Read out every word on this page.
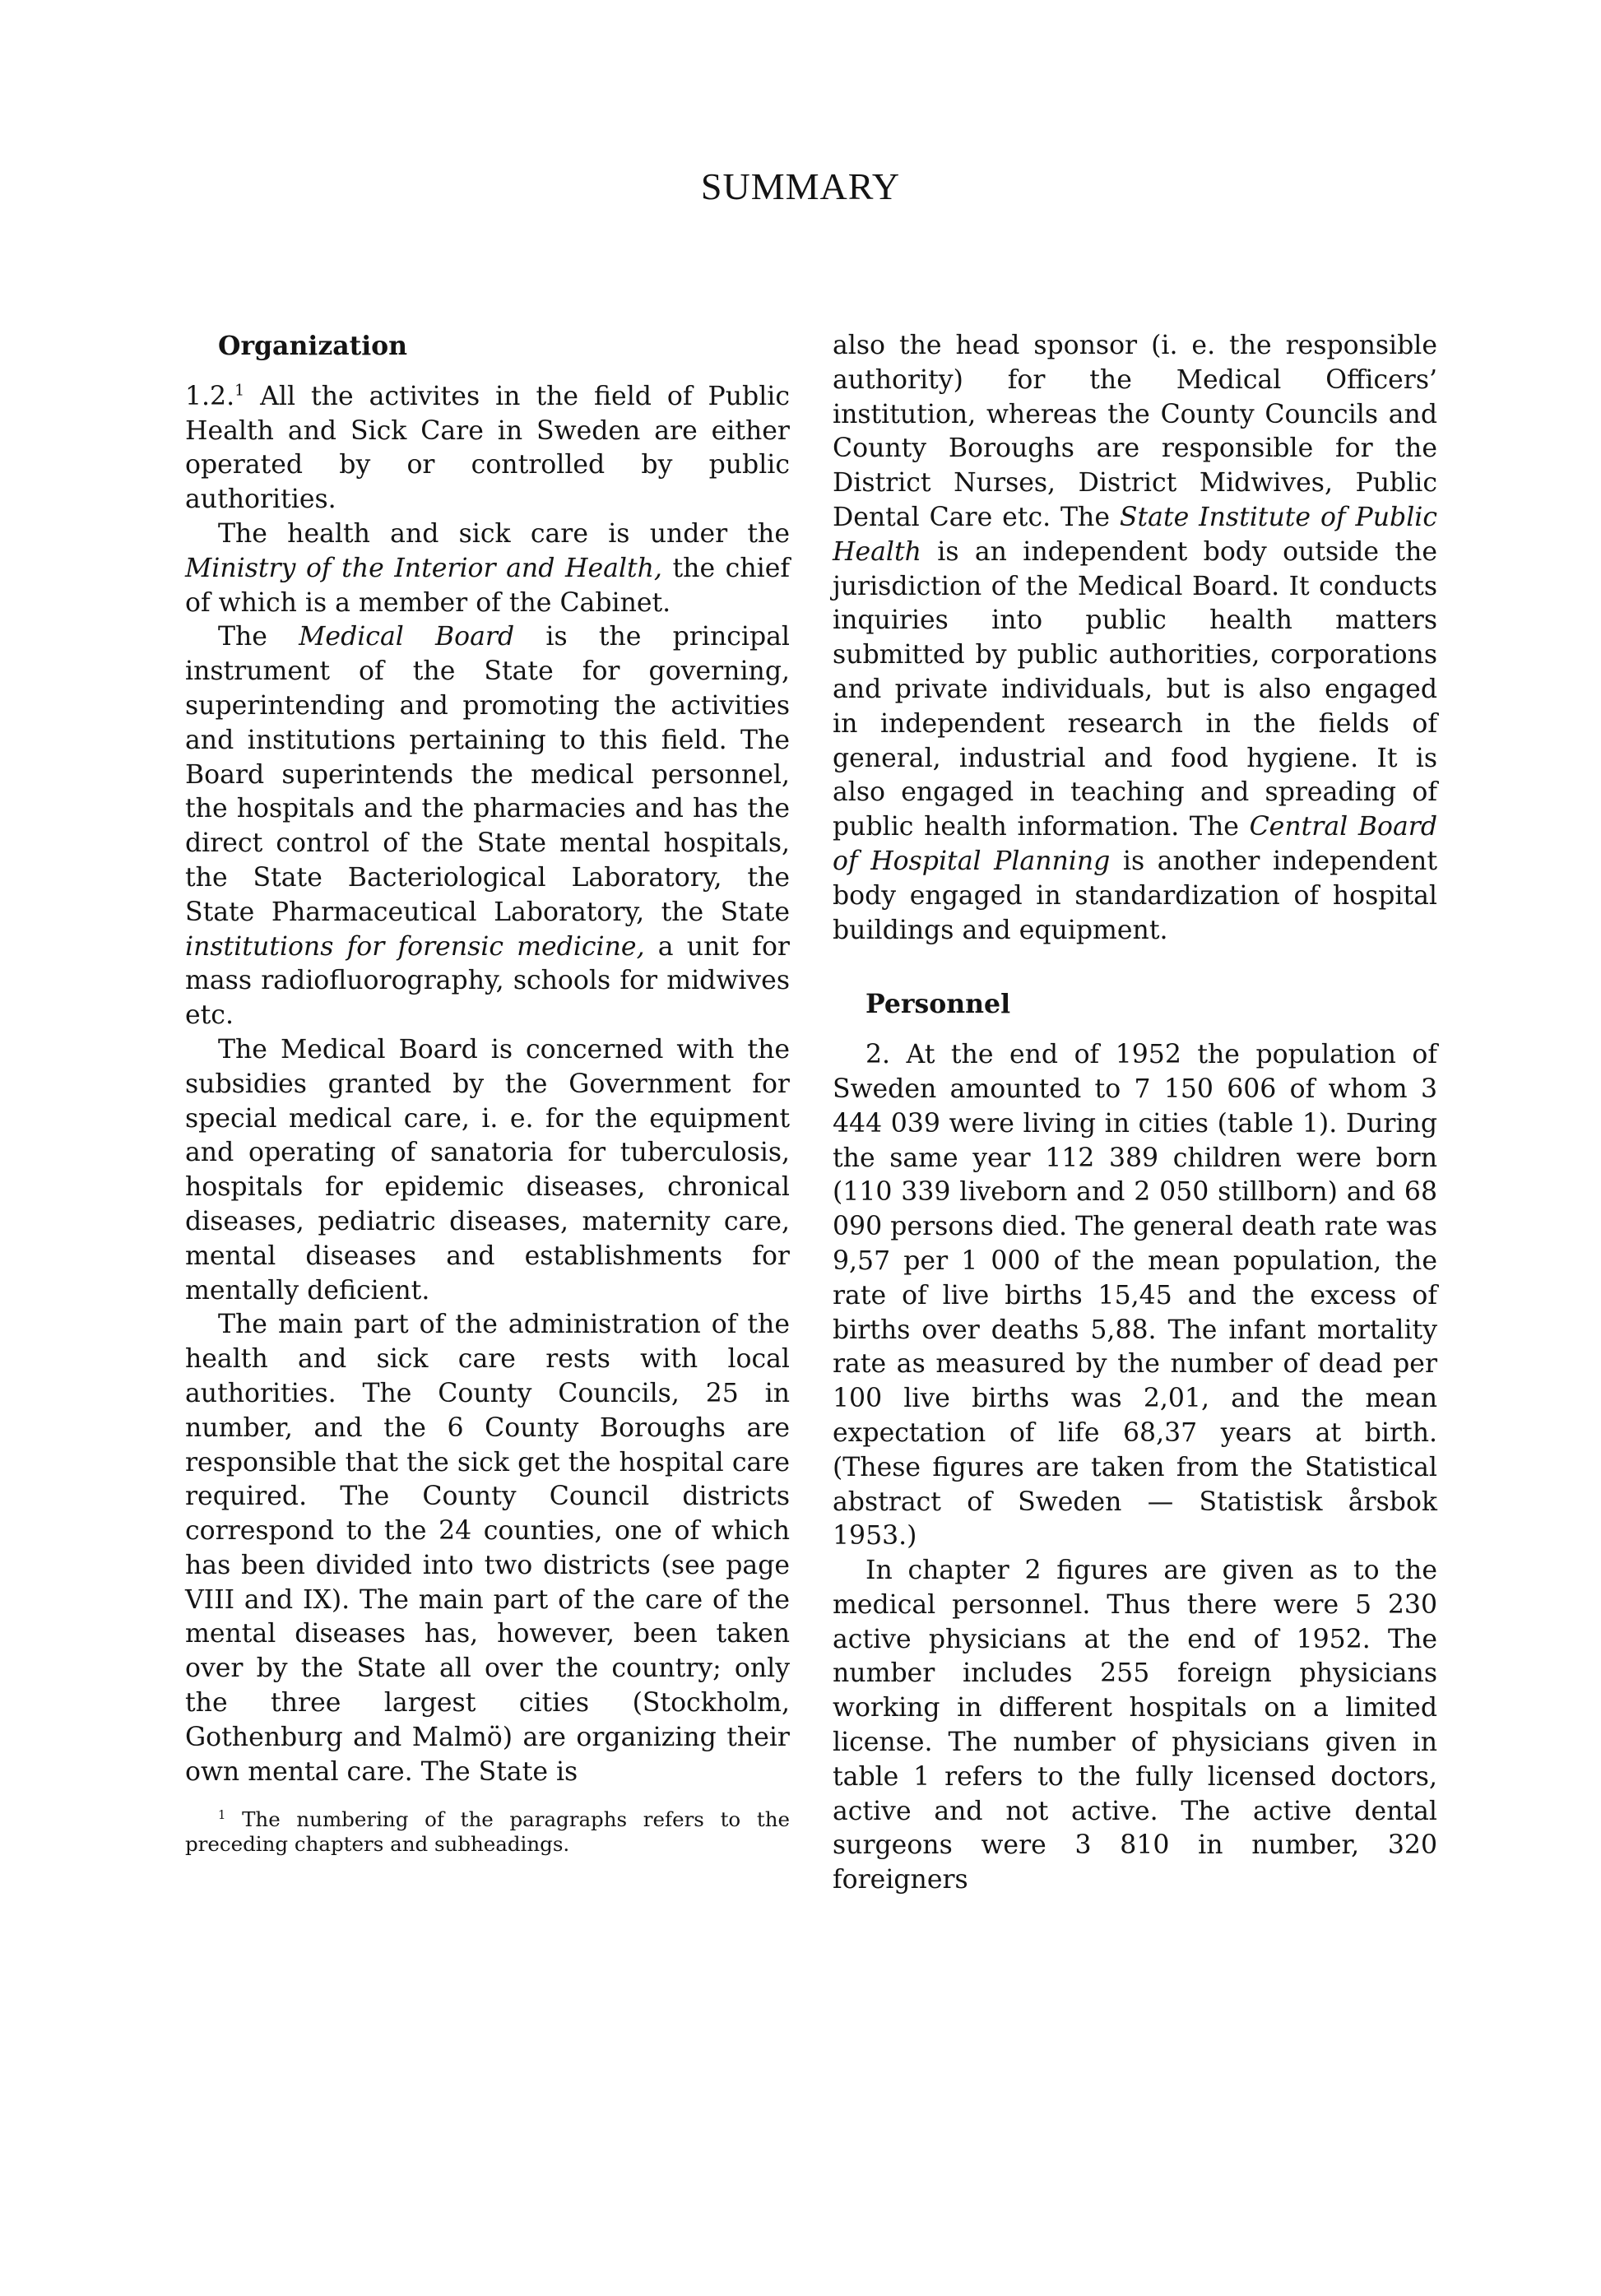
SUMMARY

Organization

1.2.$^1$ All the activites in the field of Public Health and Sick Care in Sweden are either operated by or controlled by public authorities.

The health and sick care is under the Ministry of the Interior and Health, the chief of which is a member of the Cabinet.

The Medical Board is the principal instrument of the State for governing, superintending and promoting the activities and institutions pertaining to this field. The Board superintends the medical personnel, the hospitals and the pharmacies and has the direct control of the State mental hospitals, the State Bacteriological Laboratory, the State Pharmaceutical Laboratory, the State institutions for forensic medicine, a unit for mass radiofluorography, schools for midwives etc.

The Medical Board is concerned with the subsidies granted by the Government for special medical care, i. e. for the equipment and operating of sanatoria for tuberculosis, hospitals for epidemic diseases, chronical diseases, pediatric diseases, maternity care, mental diseases and establishments for mentally deficient.

The main part of the administration of the health and sick care rests with local authorities. The County Councils, 25 in number, and the 6 County Boroughs are responsible that the sick get the hospital care required. The County Council districts correspond to the 24 counties, one of which has been divided into two districts (see page VIII and IX). The main part of the care of the mental diseases has, however, been taken over by the State all over the country; only the three largest cities (Stockholm, Gothenburg and Malmö) are organizing their own mental care. The State is

$^1$ The numbering of the paragraphs refers to the preceding chapters and subheadings.

also the head sponsor (i. e. the responsible authority) for the Medical Officers’ institution, whereas the County Councils and County Boroughs are responsible for the District Nurses, District Midwives, Public Dental Care etc. The State Institute of Public Health is an independent body outside the jurisdiction of the Medical Board. It conducts inquiries into public health matters submitted by public authorities, corporations and private individuals, but is also engaged in independent research in the fields of general, industrial and food hygiene. It is also engaged in teaching and spreading of public health information. The Central Board of Hospital Planning is another independent body engaged in standardization of hospital buildings and equipment.

Personnel

2. At the end of 1952 the population of Sweden amounted to 7 150 606 of whom 3 444 039 were living in cities (table 1). During the same year 112 389 children were born (110 339 liveborn and 2 050 stillborn) and 68 090 persons died. The general death rate was 9,57 per 1 000 of the mean population, the rate of live births 15,45 and the excess of births over deaths 5,88. The infant mortality rate as measured by the number of dead per 100 live births was 2,01, and the mean expectation of life 68,37 years at birth. (These figures are taken from the Statistical abstract of Sweden — Statistisk årsbok 1953.)

In chapter 2 figures are given as to the medical personnel. Thus there were 5 230 active physicians at the end of 1952. The number includes 255 foreign physicians working in different hospitals on a limited license. The number of physicians given in table 1 refers to the fully licensed doctors, active and not active. The active dental surgeons were 3 810 in number, 320 foreigners
